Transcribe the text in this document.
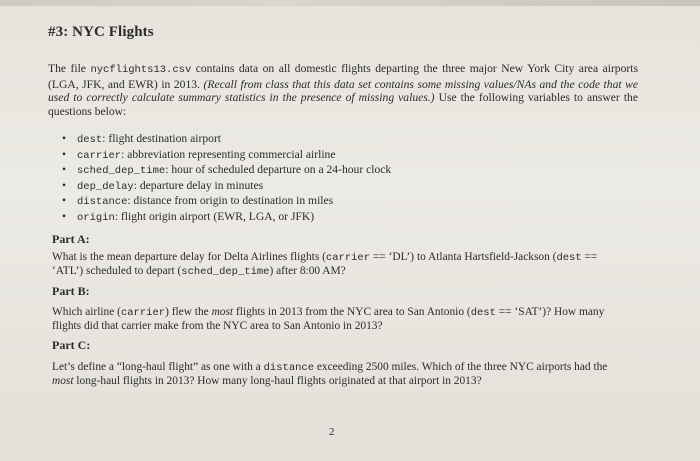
#3: NYC Flights

The file nycflights13.csv contains data on all domestic flights departing the three major New York City area airports (LGA, JFK, and EWR) in 2013. (Recall from class that this data set contains some missing values/NAs and the code that we used to correctly calculate summary statistics in the presence of missing values.) Use the following variables to answer the questions below:

• dest: flight destination airport
• carrier: abbreviation representing commercial airline
• sched_dep_time: hour of scheduled departure on a 24-hour clock
• dep_delay: departure delay in minutes
• distance: distance from origin to destination in miles
• origin: flight origin airport (EWR, LGA, or JFK)
Part A:

What is the mean departure delay for Delta Airlines flights (carrier == ‘DL’) to Atlanta Hartsfield-Jackson (dest == ‘ATL’) scheduled to depart (sched_dep_time) after 8:00 AM?

Part B:

Which airline (carrier) flew the most flights in 2013 from the NYC area to San Antonio (dest == ‘SAT’)? How many flights did that carrier make from the NYC area to San Antonio in 2013?

Part C:

Let’s define a “long-haul flight” as one with a distance exceeding 2500 miles. Which of the three NYC airports had the most long-haul flights in 2013? How many long-haul flights originated at that airport in 2013?

2
